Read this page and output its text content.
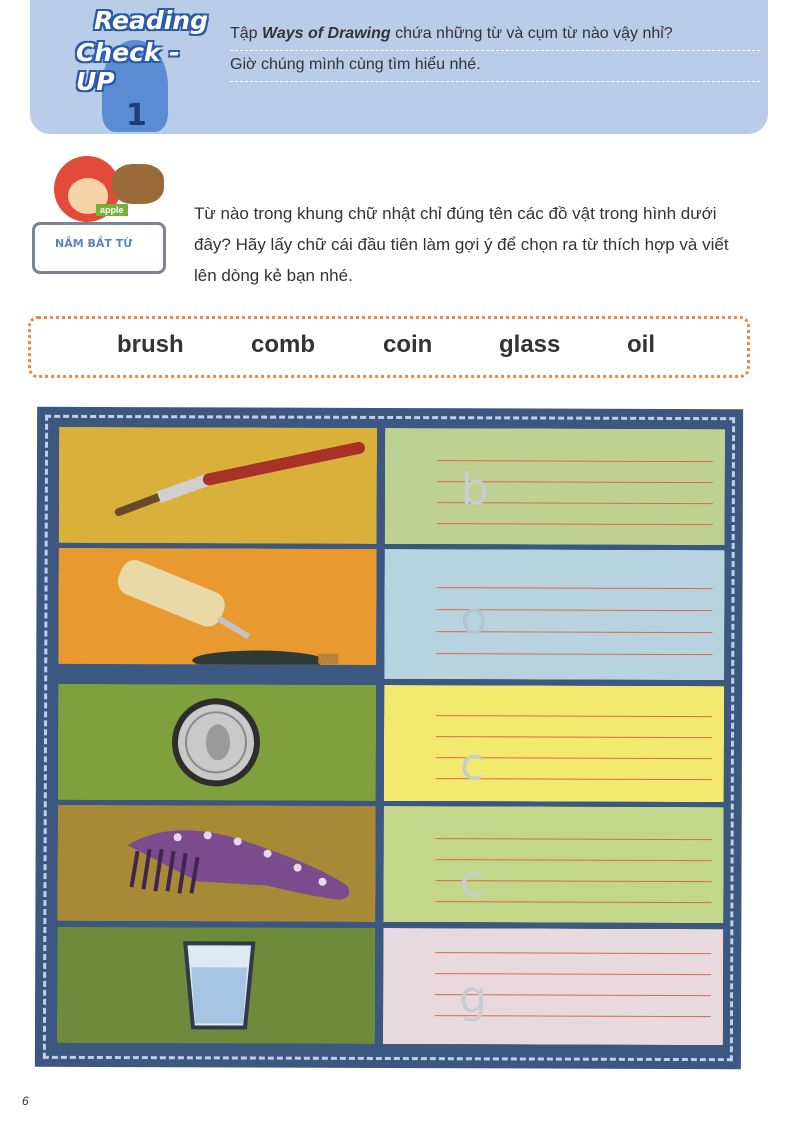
Reading
Check - UP
1
Tập Ways of Drawing chứa những từ và cụm từ nào vậy nhỉ?
Giờ chúng mình cùng tìm hiểu nhé.
apple
NẮM BẮT TỪ
Từ nào trong khung chữ nhật chỉ đúng tên các đồ vật trong hình dưới đây? Hãy lấy chữ cái đầu tiên làm gợi ý để chọn ra từ thích hợp và viết lên dòng kẻ bạn nhé.
brush	comb	coin	glass	oil
b
o
c
c
g
6
